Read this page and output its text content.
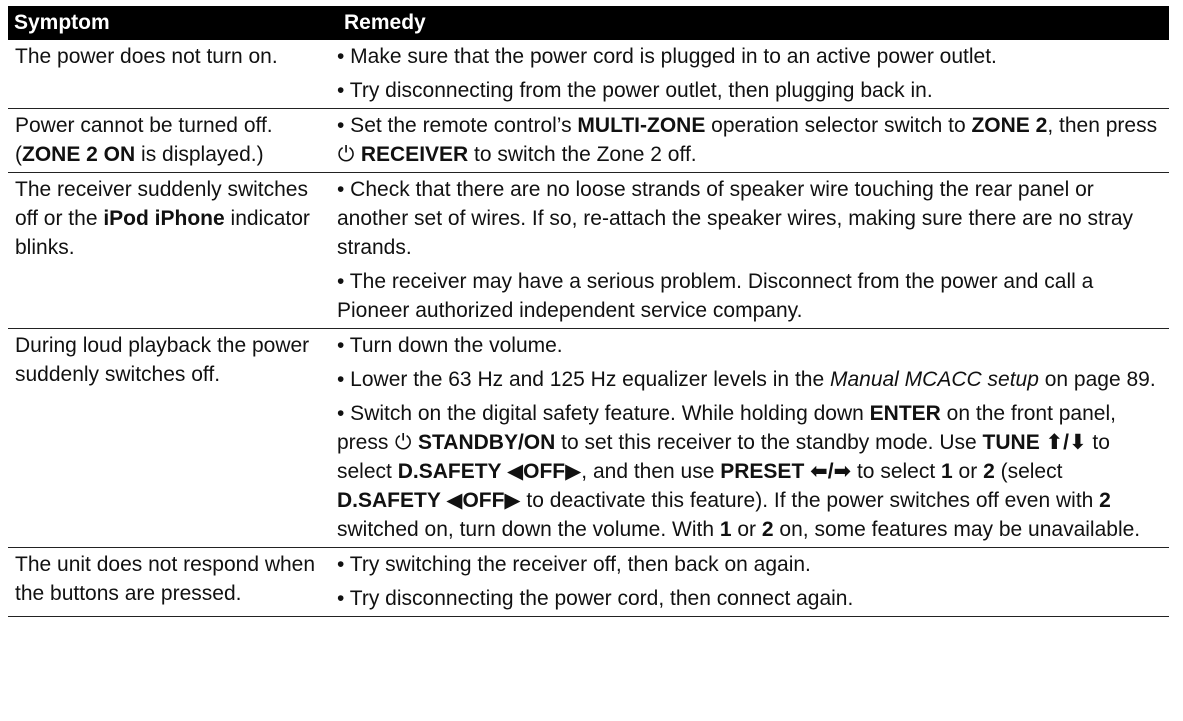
Symptom	Remedy
The power does not turn on.	• Make sure that the power cord is plugged in to an active power outlet.
• Try disconnecting from the power outlet, then plugging back in.
Power cannot be turned off.
(ZONE 2 ON is displayed.)
• Set the remote control’s MULTI-ZONE operation selector switch to ZONE 2, then press ⏻ RECEIVER to switch the Zone 2 off.
The receiver suddenly switches off or the iPod iPhone indicator blinks.
• Check that there are no loose strands of speaker wire touching the rear panel or another set of wires. If so, re-attach the speaker wires, making sure there are no stray strands.
• The receiver may have a serious problem. Disconnect from the power and call a Pioneer authorized independent service company.
During loud playback the power suddenly switches off.
• Turn down the volume.
• Lower the 63 Hz and 125 Hz equalizer levels in the Manual MCACC setup on page 89.
• Switch on the digital safety feature. While holding down ENTER on the front panel, press ⏻ STANDBY/ON to set this receiver to the standby mode. Use TUNE ⬆/⬇ to select D.SAFETY ◀OFF▶, and then use PRESET ⬅/➡ to select 1 or 2 (select D.SAFETY ◀OFF▶ to deactivate this feature). If the power switches off even with 2 switched on, turn down the volume. With 1 or 2 on, some features may be unavailable.
The unit does not respond when the buttons are pressed.
• Try switching the receiver off, then back on again.
• Try disconnecting the power cord, then connect again.
